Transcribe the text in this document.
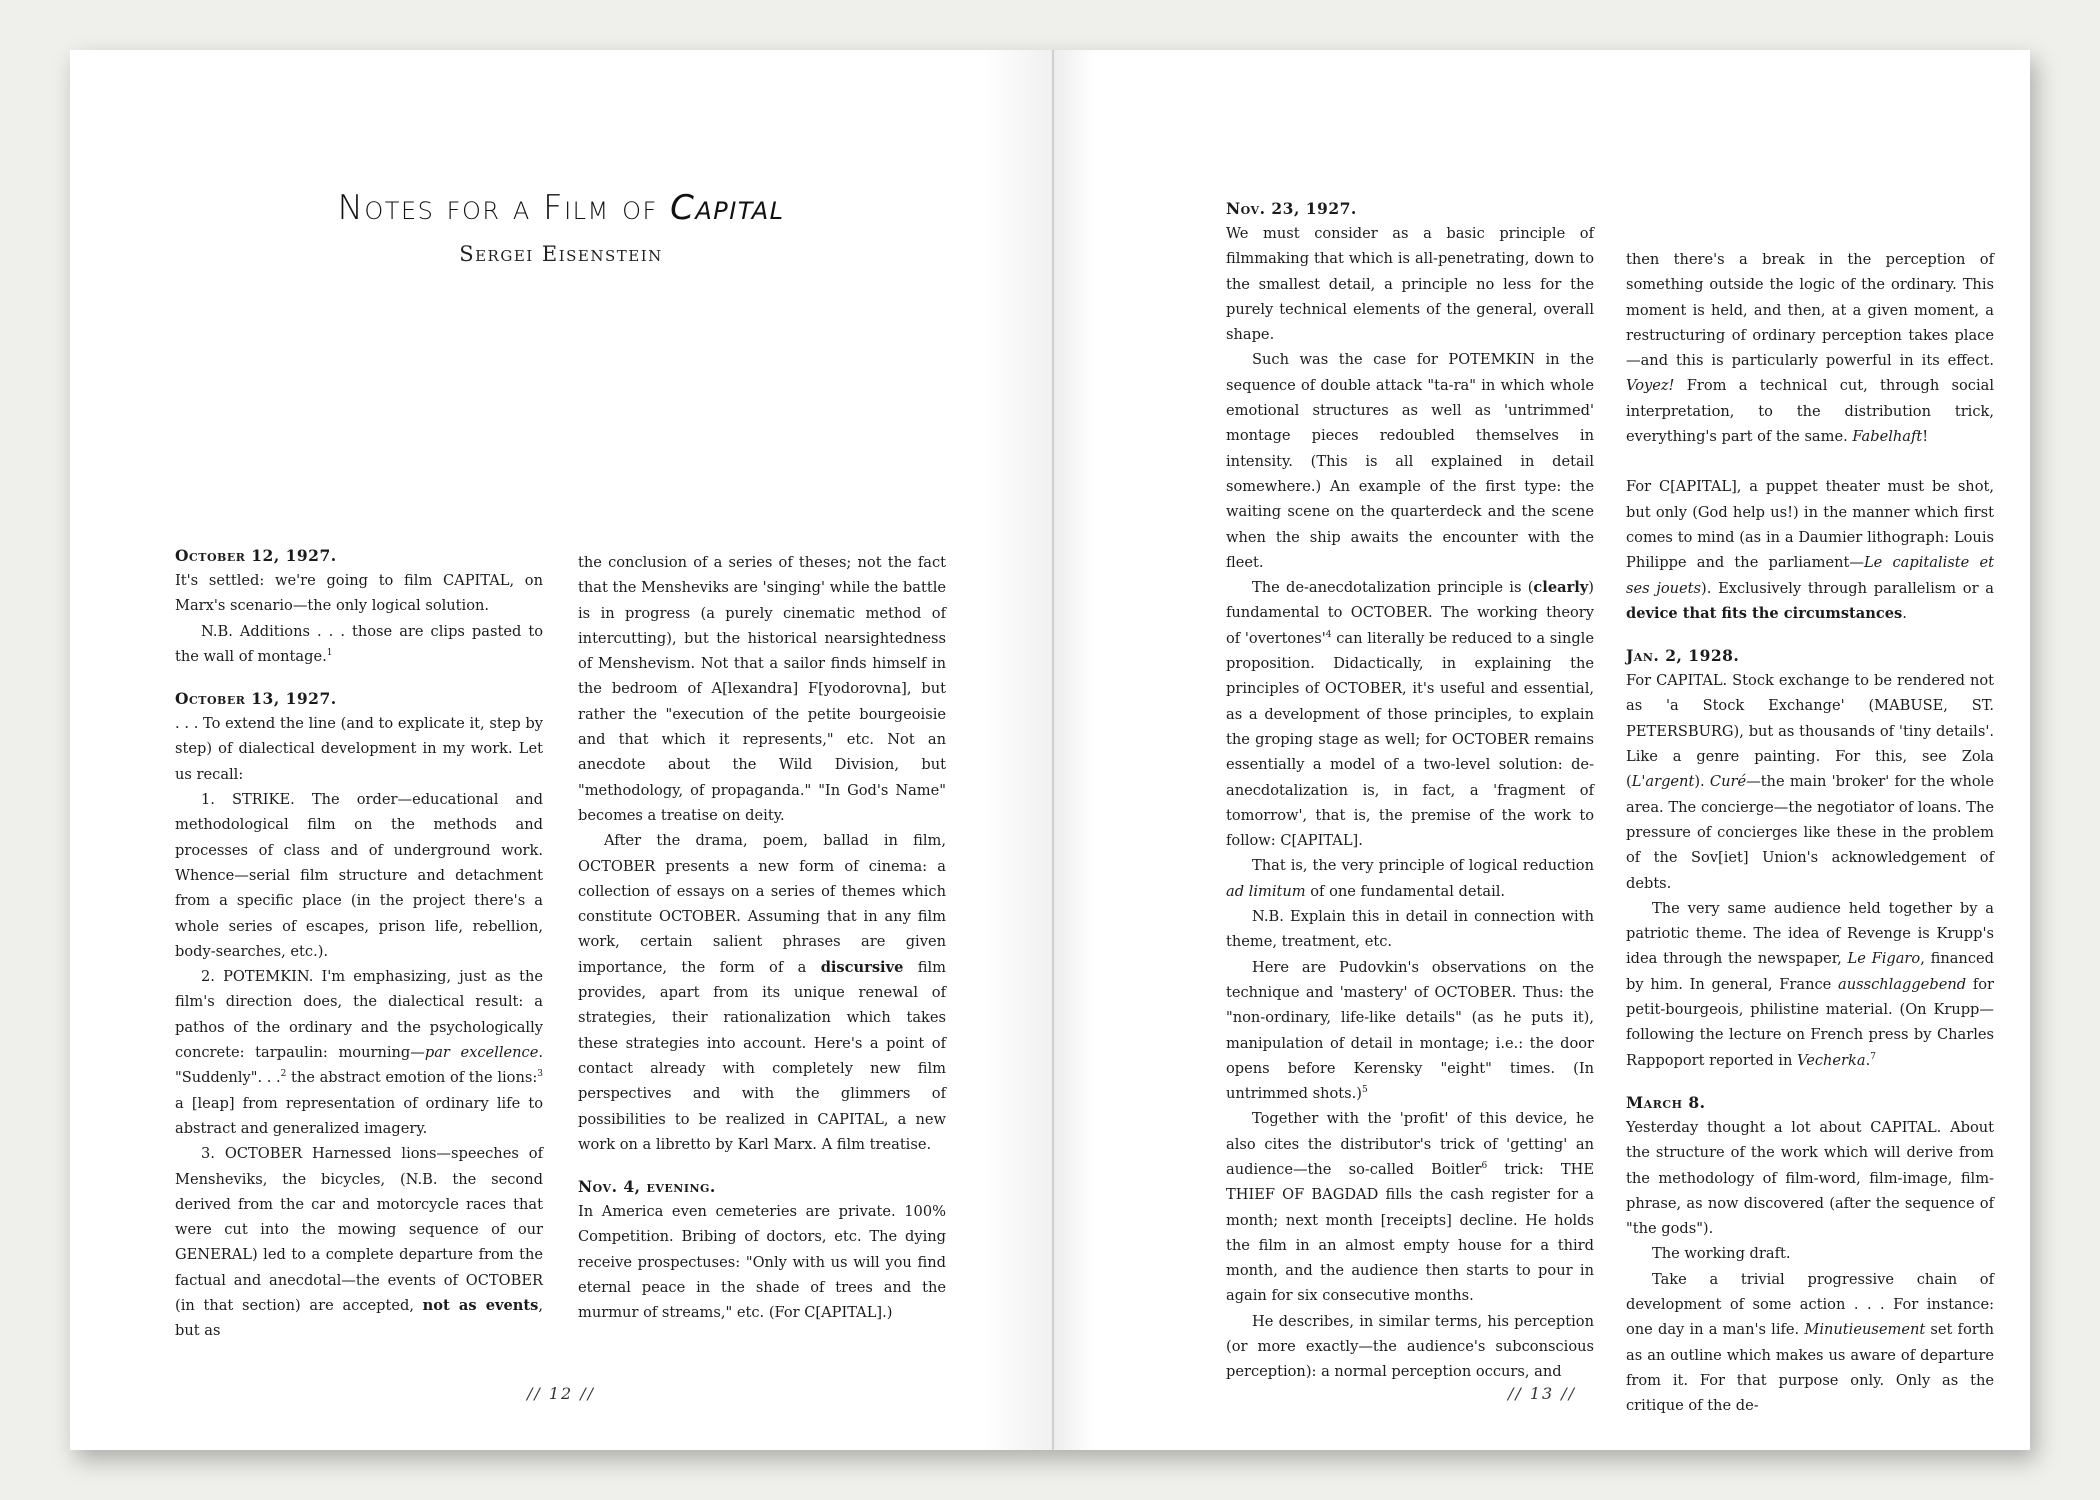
Notes for a Film of Capital
Sergei Eisenstein
October 12, 1927.

It's settled: we're going to film CAPITAL, on Marx's scenario—the only logical solution.

N.B. Additions . . . those are clips pasted to the wall of montage.$^1$

October 13, 1927.

. . . To extend the line (and to explicate it, step by step) of dialectical development in my work. Let us recall:

1. STRIKE. The order—educational and methodological film on the methods and processes of class and of underground work. Whence—serial film structure and detachment from a specific place (in the project there's a whole series of escapes, prison life, rebellion, body-searches, etc.).

2. POTEMKIN. I'm emphasizing, just as the film's direction does, the dialectical result: a pathos of the ordinary and the psychologically concrete: tarpaulin: mourning—par excellence. "Suddenly". . .$^2$ the abstract emotion of the lions:$^3$ a [leap] from representation of ordinary life to abstract and generalized imagery.

3. OCTOBER Harnessed lions—speeches of Mensheviks, the bicycles, (N.B. the second derived from the car and motorcycle races that were cut into the mowing sequence of our GENERAL) led to a complete departure from the factual and anecdotal—the events of OCTOBER (in that section) are accepted, not as events, but as

the conclusion of a series of theses; not the fact that the Mensheviks are 'singing' while the battle is in progress (a purely cinematic method of intercutting), but the historical nearsightedness of Menshevism. Not that a sailor finds himself in the bedroom of A[lexandra] F[yodorovna], but rather the "execution of the petite bourgeoisie and that which it represents," etc. Not an anecdote about the Wild Division, but "methodology, of propaganda." "In God's Name" becomes a treatise on deity.

After the drama, poem, ballad in film, OCTOBER presents a new form of cinema: a collection of essays on a series of themes which constitute OCTOBER. Assuming that in any film work, certain salient phrases are given importance, the form of a discursive film provides, apart from its unique renewal of strategies, their rationalization which takes these strategies into account. Here's a point of contact already with completely new film perspectives and with the glimmers of possibilities to be realized in CAPITAL, a new work on a libretto by Karl Marx. A film treatise.

Nov. 4, evening.

In America even cemeteries are private. 100% Competition. Bribing of doctors, etc. The dying receive prospectuses: "Only with us will you find eternal peace in the shade of trees and the murmur of streams," etc. (For C[APITAL].)

// 12 //
Nov. 23, 1927.

We must consider as a basic principle of filmmaking that which is all-penetrating, down to the smallest detail, a principle no less for the purely technical elements of the general, overall shape.

Such was the case for POTEMKIN in the sequence of double attack "ta-ra" in which whole emotional structures as well as 'untrimmed' montage pieces redoubled themselves in intensity. (This is all explained in detail somewhere.) An example of the first type: the waiting scene on the quarterdeck and the scene when the ship awaits the encounter with the fleet.

The de-anecdotalization principle is (clearly) fundamental to OCTOBER. The working theory of '$overtones'^4$ can literally be reduced to a single proposition. Didactically, in explaining the principles of OCTOBER, it's useful and essential, as a development of those principles, to explain the groping stage as well; for OCTOBER remains essentially a model of a two-level solution: de-anecdotalization is, in fact, a 'fragment of tomorrow', that is, the premise of the work to follow: C[APITAL].

That is, the very principle of logical reduction ad limitum of one fundamental detail.

N.B. Explain this in detail in connection with theme, treatment, etc.

Here are Pudovkin's observations on the technique and 'mastery' of OCTOBER. Thus: the "non-ordinary, life-like details" (as he puts it), manipulation of detail in montage; i.e.: the door opens before Kerensky "eight" times. (In untrimmed shots.)$^5$

Together with the 'profit' of this device, he also cites the distributor's trick of 'getting' an audience—the so-called Boitler$^6$ trick: THE THIEF OF BAGDAD fills the cash register for a month; next month [receipts] decline. He holds the film in an almost empty house for a third month, and the audience then starts to pour in again for six consecutive months.

He describes, in similar terms, his perception (or more exactly—the audience's subconscious perception): a normal perception occurs, and

then there's a break in the perception of something outside the logic of the ordinary. This moment is held, and then, at a given moment, a restructuring of ordinary perception takes place—and this is particularly powerful in its effect. Voyez! From a technical cut, through social interpretation, to the distribution trick, everything's part of the same. Fabelhaft!

For C[APITAL], a puppet theater must be shot, but only (God help us!) in the manner which first comes to mind (as in a Daumier lithograph: Louis Philippe and the parliament—Le capitaliste et ses jouets). Exclusively through parallelism or a device that fits the circumstances.

Jan. 2, 1928.

For CAPITAL. Stock exchange to be rendered not as 'a Stock Exchange' (MABUSE, ST. PETERSBURG), but as thousands of 'tiny details'. Like a genre painting. For this, see Zola (L'argent). Curé—the main 'broker' for the whole area. The concierge—the negotiator of loans. The pressure of concierges like these in the problem of the Sov[iet] Union's acknowledgement of debts.

The very same audience held together by a patriotic theme. The idea of Revenge is Krupp's idea through the newspaper, Le Figaro, financed by him. In general, France ausschlaggebend for petit-bourgeois, philistine material. (On Krupp—following the lecture on French press by Charles Rappoport reported in Vecherka.$^7$

March 8.

Yesterday thought a lot about CAPITAL. About the structure of the work which will derive from the methodology of film-word, film-image, film-phrase, as now discovered (after the sequence of "the gods").

The working draft.

Take a trivial progressive chain of development of some action . . . For instance: one day in a man's life. Minutieusement set forth as an outline which makes us aware of departure from it. For that purpose only. Only as the critique of the de-

// 13 //
